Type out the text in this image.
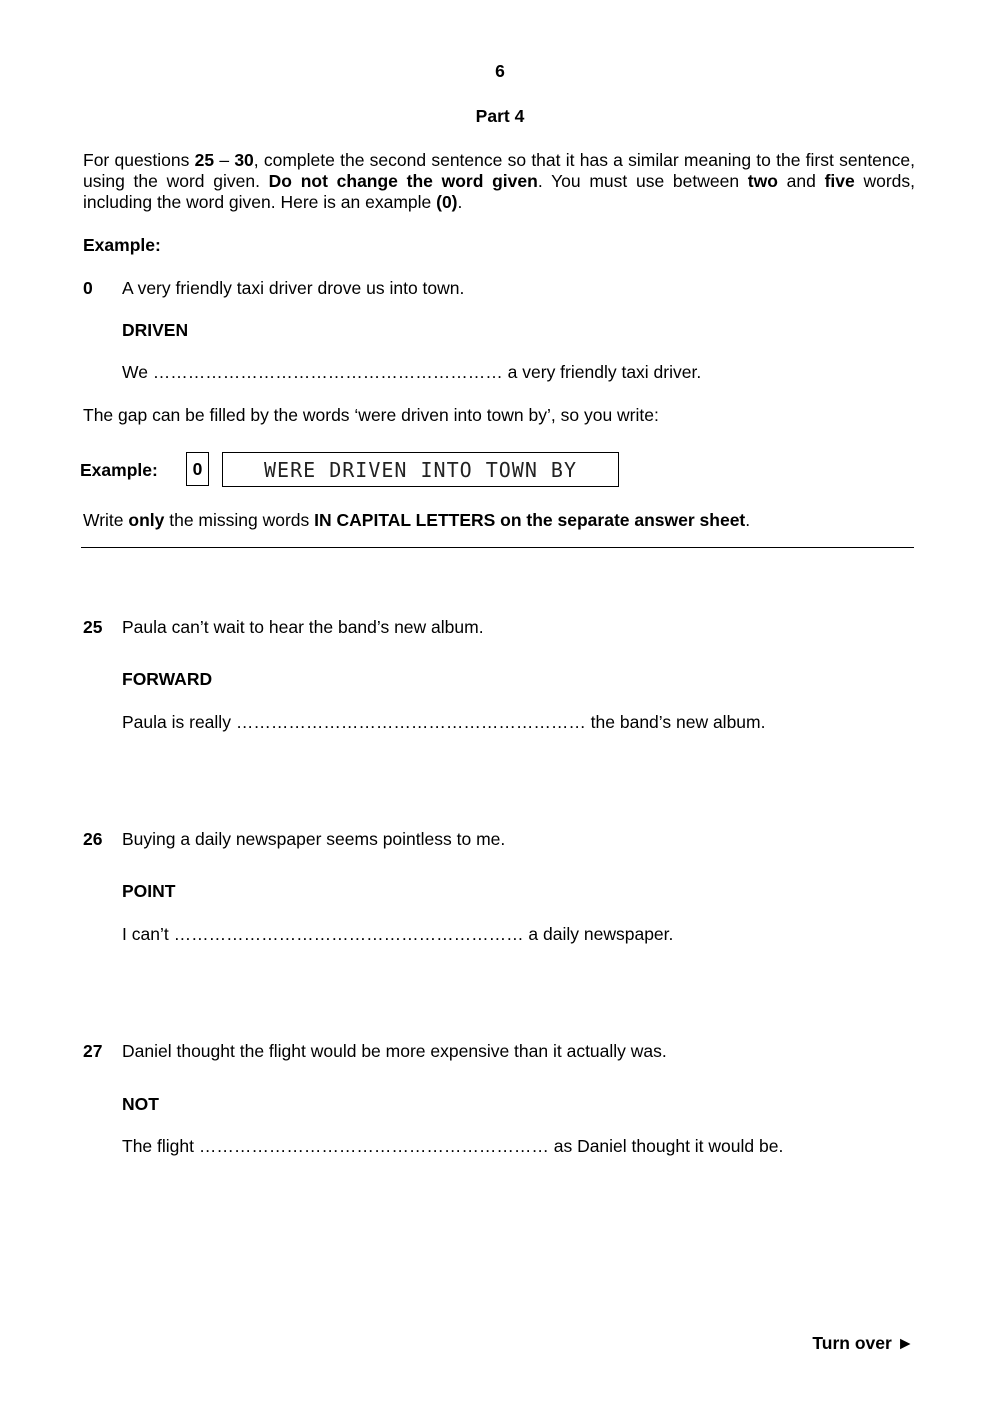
6
Part 4
For questions 25 – 30, complete the second sentence so that it has a similar meaning to the first sentence, using the word given. Do not change the word given. You must use between two and five words, including the word given. Here is an example (0).
Example:
0 A very friendly taxi driver drove us into town.
DRIVEN
We …………………………………………………… a very friendly taxi driver.
The gap can be filled by the words ‘were driven into town by’, so you write:
Example:	0	WERE DRIVEN INTO TOWN BY
Write only the missing words IN CAPITAL LETTERS on the separate answer sheet.
25 Paula can’t wait to hear the band’s new album.
FORWARD
Paula is really …………………………………………………… the band’s new album.
26 Buying a daily newspaper seems pointless to me.
POINT
I can’t …………………………………………………… a daily newspaper.
27 Daniel thought the flight would be more expensive than it actually was.
NOT
The flight …………………………………………………… as Daniel thought it would be.
Turn over ►
